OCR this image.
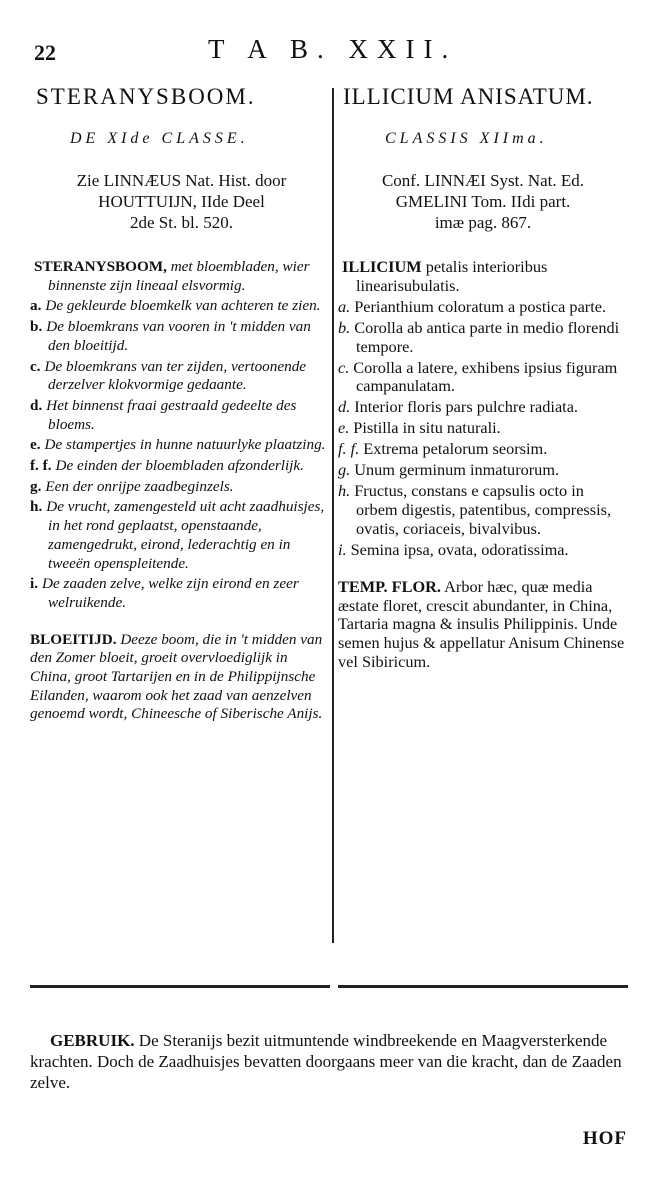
22	T A B. XXII.
STERANYSBOOM.	ILLICIUM ANISATUM.
DE XIde CLASSE.	CLASSIS XIIma.
Zie LINNÆUS Nat. Hist. door
HOUTTUIJN, IIde Deel
2de St. bl. 520.
Conf. LINNÆI Syst. Nat. Ed.
GMELINI Tom. IIdi part.
imæ pag. 867.
STERANYSBOOM, met bloembladen, wier binnenste zijn lineaal elsvormig.
a. De gekleurde bloemkelk van achteren te zien.
b. De bloemkrans van vooren in 't midden van den bloeitijd.
c. De bloemkrans van ter zijden, vertoonende derzelver klokvormige gedaante.
d. Het binnenst fraai gestraald gedeelte des bloems.
e. De stampertjes in hunne natuurlyke plaatzing.
f. f. De einden der bloembladen afzonderlijk.
g. Een der onrijpe zaadbeginzels.
h. De vrucht, zamengesteld uit acht zaadhuisjes, in het rond geplaatst, openstaande, zamengedrukt, eirond, lederachtig en in tweeën openspleitende.
i. De zaaden zelve, welke zijn eirond en zeer welruikende.
BLOEITIJD. Deeze boom, die in 't midden van den Zomer bloeit, groeit overvloediglijk in China, groot Tartarijen en in de Philippijnsche Eilanden, waarom ook het zaad van aenzelven genoemd wordt, Chineesche of Siberische Anijs.
ILLICIUM petalis interioribus linearisubulatis.
a. Perianthium coloratum a postica parte.
b. Corolla ab antica parte in medio florendi tempore.
c. Corolla a latere, exhibens ipsius figuram campanulatam.
d. Interior floris pars pulchre radiata.
e. Pistilla in situ naturali.
f. f. Extrema petalorum seorsim.
g. Unum germinum inmaturorum.
h. Fructus, constans e capsulis octo in orbem digestis, patentibus, compressis, ovatis, coriaceis, bivalvibus.
i. Semina ipsa, ovata, odoratissima.
TEMP. FLOR. Arbor hæc, quæ media æstate floret, crescit abundanter, in China, Tartaria magna & insulis Philippinis. Unde semen hujus & appellatur Anisum Chinense vel Sibiricum.
GEBRUIK. De Steranijs bezit uitmuntende windbreekende en Maagversterkende krachten. Doch de Zaadhuisjes bevatten doorgaans meer van die kracht, dan de Zaaden zelve.
HOF
